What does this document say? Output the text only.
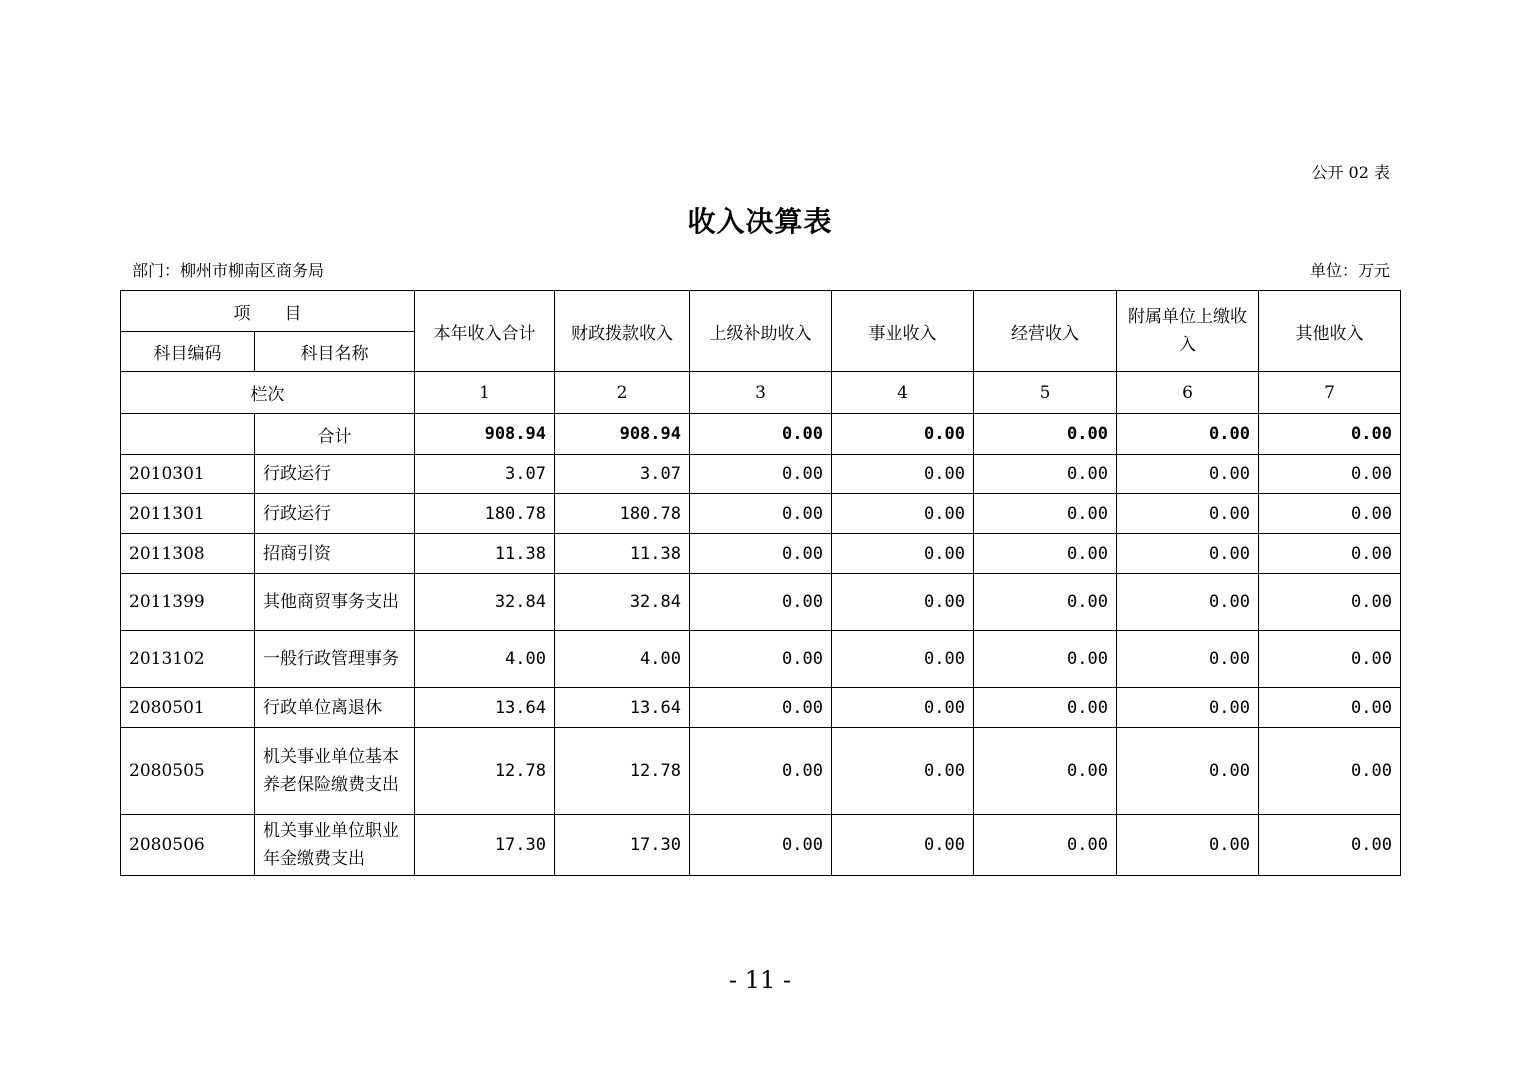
公开 02 表
收入决算表
部门：柳州市柳南区商务局	单位：万元
项　　目		本年收入合计	财政拨款收入	上级补助收入	事业收入	经营收入	附属单位上缴收入	其他收入
科目编码	科目名称							
栏次		1	2	3	4	5	6	7
	合计	908.94	908.94	0.00	0.00	0.00	0.00	0.00
2010301	行政运行	3.07	3.07	0.00	0.00	0.00	0.00	0.00
2011301	行政运行	180.78	180.78	0.00	0.00	0.00	0.00	0.00
2011308	招商引资	11.38	11.38	0.00	0.00	0.00	0.00	0.00
2011399	其他商贸事务支出	32.84	32.84	0.00	0.00	0.00	0.00	0.00
2013102	一般行政管理事务	4.00	4.00	0.00	0.00	0.00	0.00	0.00
2080501	行政单位离退休	13.64	13.64	0.00	0.00	0.00	0.00	0.00
2080505	机关事业单位基本养老保险缴费支出	12.78	12.78	0.00	0.00	0.00	0.00	0.00
2080506	机关事业单位职业年金缴费支出	17.30	17.30	0.00	0.00	0.00	0.00	0.00
- 11 -
